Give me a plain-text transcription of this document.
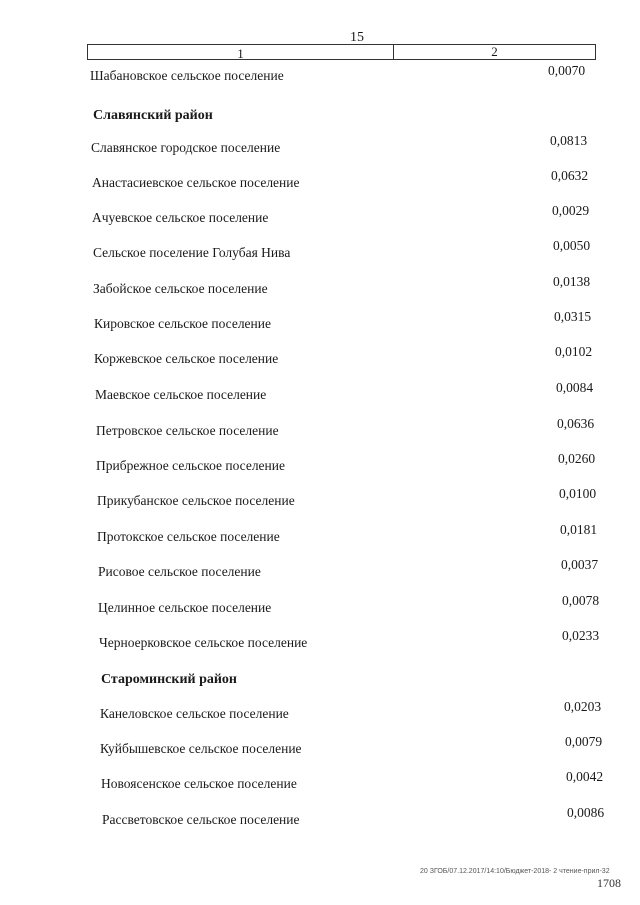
15
1	2
Шабановское сельское поселение	0,0070
Славянский район
Славянское городское поселение	0,0813
Анастасиевское сельское поселение	0,0632
Ачуевское сельское поселение	0,0029
Сельское поселение Голубая Нива	0,0050
Забойское сельское поселение	0,0138
Кировское сельское поселение	0,0315
Коржевское сельское поселение	0,0102
Маевское сельское поселение	0,0084
Петровское сельское поселение	0,0636
Прибрежное сельское поселение	0,0260
Прикубанское сельское поселение	0,0100
Протокское сельское поселение	0,0181
Рисовое сельское поселение	0,0037
Целинное сельское поселение	0,0078
Черноерковское сельское поселение	0,0233
Староминский район
Канеловское сельское поселение	0,0203
Куйбышевское сельское поселение	0,0079
Новоясенское сельское поселение	0,0042
Рассветовское сельское поселение	0,0086
20 ЗГОБ/07.12.2017/14:10/Бюджет-2018- 2 чтение-прил-32
1708
